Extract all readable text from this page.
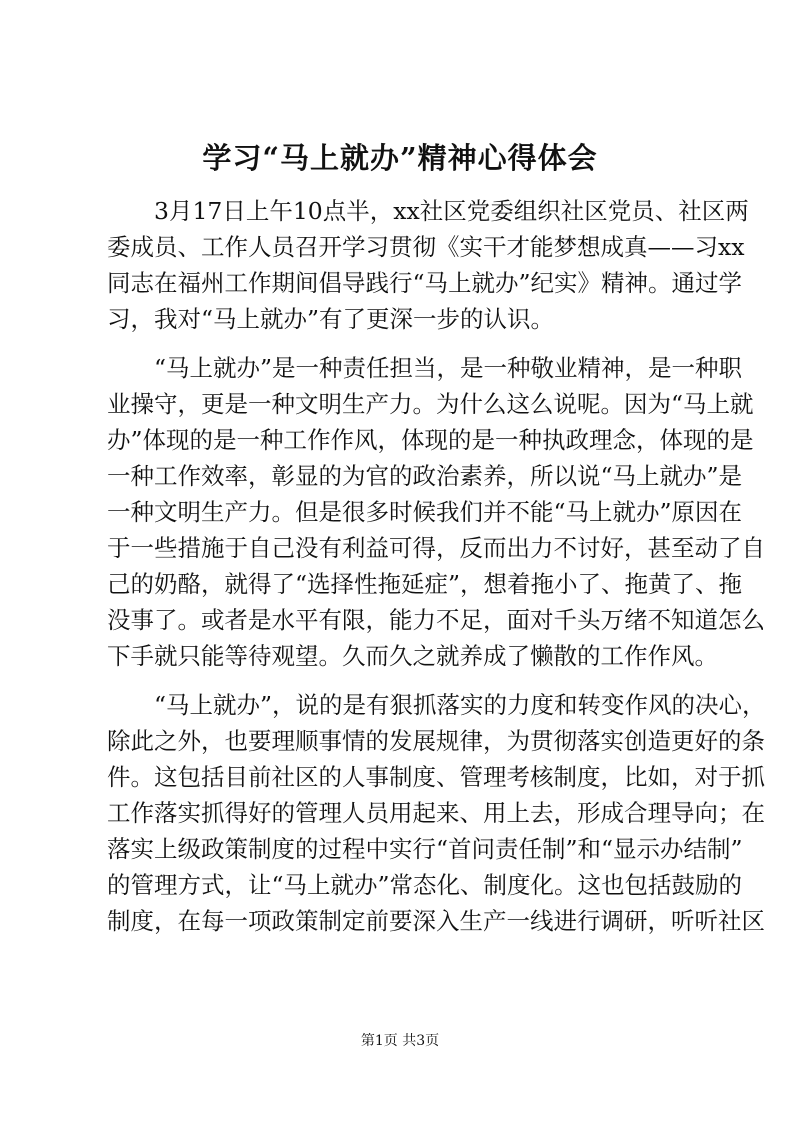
学习“马上就办”精神心得体会
3月17日上午10点半，xx社区党委组织社区党员、社区两
委成员、工作人员召开学习贯彻《实干才能梦想成真——习xx
同志在福州工作期间倡导践行“马上就办”纪实》精神。通过学
习，我对“马上就办”有了更深一步的认识。
“马上就办”是一种责任担当，是一种敬业精神，是一种职
业操守，更是一种文明生产力。为什么这么说呢。因为“马上就
办”体现的是一种工作作风，体现的是一种执政理念，体现的是
一种工作效率，彰显的为官的政治素养，所以说“马上就办”是
一种文明生产力。但是很多时候我们并不能“马上就办”原因在
于一些措施于自己没有利益可得，反而出力不讨好，甚至动了自
己的奶酪，就得了“选择性拖延症”，想着拖小了、拖黄了、拖
没事了。或者是水平有限，能力不足，面对千头万绪不知道怎么
下手就只能等待观望。久而久之就养成了懒散的工作作风。
“马上就办”，说的是有狠抓落实的力度和转变作风的决心，
除此之外，也要理顺事情的发展规律，为贯彻落实创造更好的条
件。这包括目前社区的人事制度、管理考核制度，比如，对于抓
工作落实抓得好的管理人员用起来、用上去，形成合理导向；在
落实上级政策制度的过程中实行“首问责任制”和“显示办结制”
的管理方式，让“马上就办”常态化、制度化。这也包括鼓励的
制度，在每一项政策制定前要深入生产一线进行调研，听听社区
第1页 共3页
